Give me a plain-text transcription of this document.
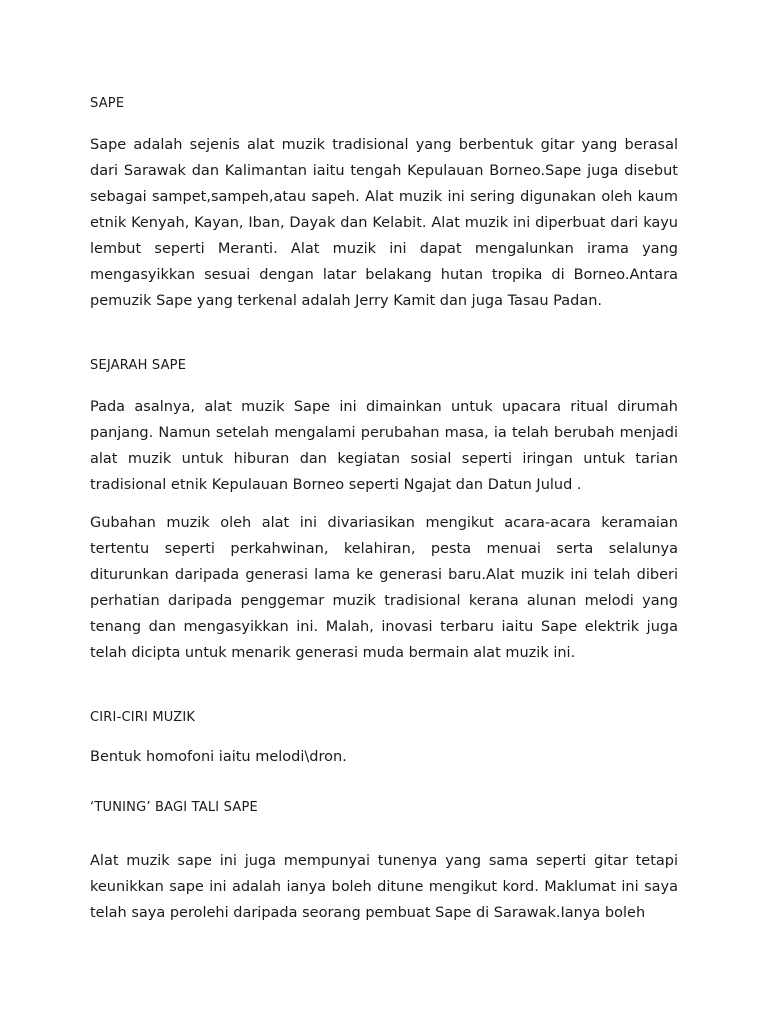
SAPE
Sape adalah sejenis alat muzik tradisional yang berbentuk gitar yang berasal dari Sarawak dan Kalimantan iaitu tengah Kepulauan Borneo.Sape juga disebut sebagai sampet,sampeh,atau sapeh. Alat muzik ini sering digunakan oleh kaum etnik Kenyah, Kayan, Iban, Dayak dan Kelabit. Alat muzik ini diperbuat dari kayu lembut seperti Meranti. Alat muzik ini dapat mengalunkan irama yang mengasyikkan sesuai dengan latar belakang hutan tropika di Borneo.Antara pemuzik Sape yang terkenal adalah Jerry Kamit dan juga Tasau Padan.
SEJARAH SAPE
Pada asalnya, alat muzik Sape ini dimainkan untuk upacara ritual dirumah panjang. Namun setelah mengalami perubahan masa, ia telah berubah menjadi alat muzik untuk hiburan dan kegiatan sosial seperti iringan untuk tarian tradisional etnik Kepulauan Borneo seperti Ngajat dan Datun Julud .
Gubahan muzik oleh alat ini divariasikan mengikut acara-acara keramaian tertentu seperti perkahwinan, kelahiran, pesta menuai serta selalunya diturunkan daripada generasi lama ke generasi baru.Alat muzik ini telah diberi perhatian daripada penggemar muzik tradisional kerana alunan melodi yang tenang dan mengasyikkan ini. Malah, inovasi terbaru iaitu Sape elektrik juga telah dicipta untuk menarik generasi muda bermain alat muzik ini.
CIRI-CIRI MUZIK
Bentuk homofoni iaitu melodi\dron.
‘TUNING’ BAGI TALI SAPE
Alat muzik sape ini juga mempunyai tunenya yang sama seperti gitar tetapi keunikkan sape ini adalah ianya boleh ditune mengikut kord. Maklumat ini saya telah saya perolehi daripada seorang pembuat Sape di Sarawak.Ianya boleh
